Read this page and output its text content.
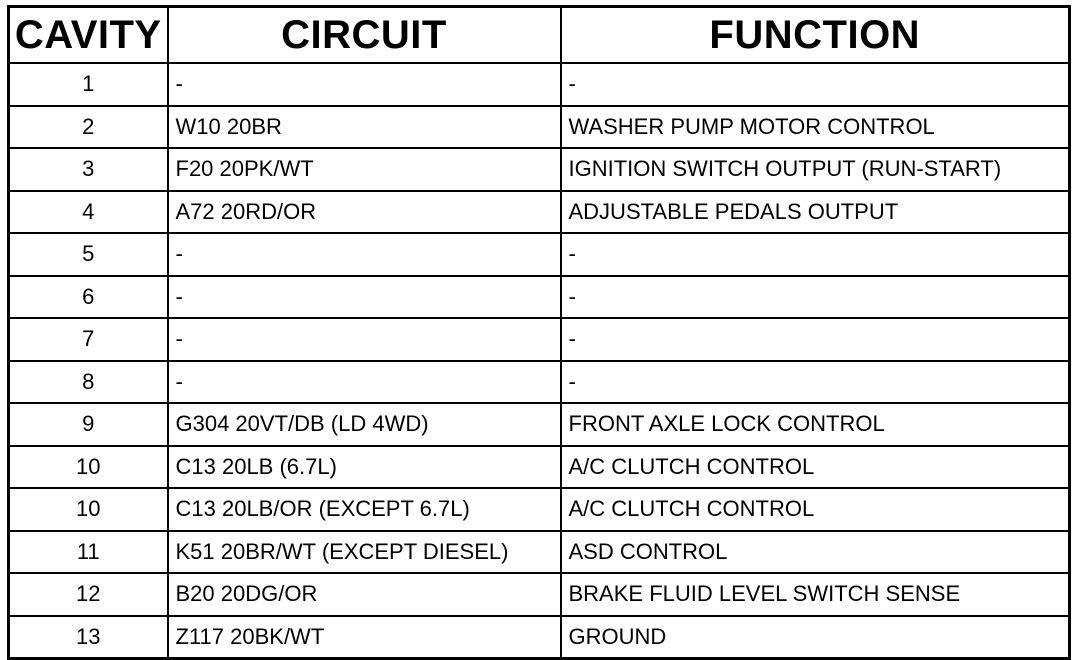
CAVITY	CIRCUIT	FUNCTION
1	-	-
2	W10 20BR	WASHER PUMP MOTOR CONTROL
3	F20 20PK/WT	IGNITION SWITCH OUTPUT (RUN-START)
4	A72 20RD/OR	ADJUSTABLE PEDALS OUTPUT
5	-	-
6	-	-
7	-	-
8	-	-
9	G304 20VT/DB (LD 4WD)	FRONT AXLE LOCK CONTROL
10	C13 20LB (6.7L)	A/C CLUTCH CONTROL
10	C13 20LB/OR (EXCEPT 6.7L)	A/C CLUTCH CONTROL
11	K51 20BR/WT (EXCEPT DIESEL)	ASD CONTROL
12	B20 20DG/OR	BRAKE FLUID LEVEL SWITCH SENSE
13	Z117 20BK/WT	GROUND
